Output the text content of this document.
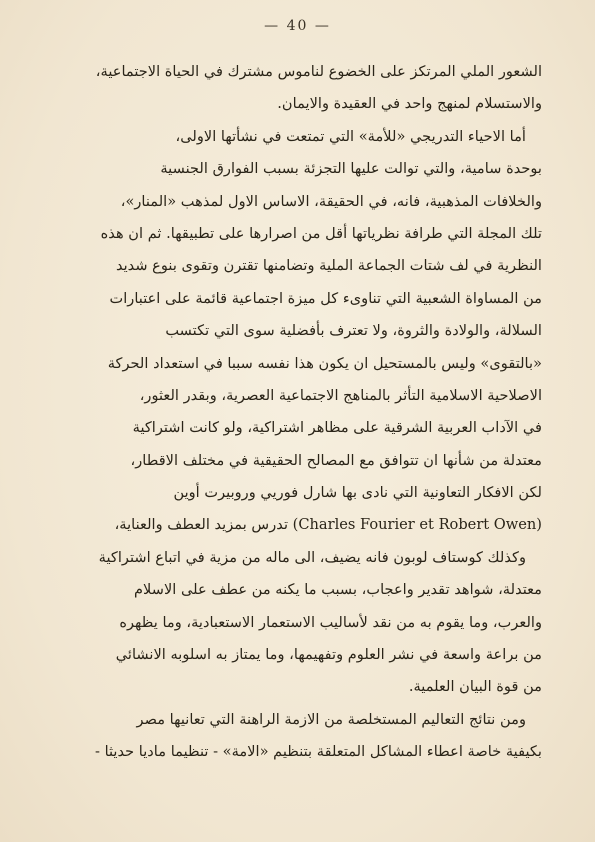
— 40 —
الشعور الملي المرتكز على الخضوع لناموس مشترك في الحياة الاجتماعية،
والاستسلام لمنهج واحد في العقيدة والايمان.
أما الاحياء التدريجي «للأمة» التي تمتعت في نشأتها الاولى،
بوحدة سامية، والتي توالت عليها التجزئة بسبب الفوارق الجنسية
والخلافات المذهبية، فانه، في الحقيقة، الاساس الاول لمذهب «المنار»،
تلك المجلة التي طرافة نظرياتها أقل من اصرارها على تطبيقها. ثم ان هذه
النظرية في لف شتات الجماعة الملية وتضامنها تقترن وتقوى بنوع شديد
من المساواة الشعبية التي تناوىء كل ميزة اجتماعية قائمة على اعتبارات
السلالة، والولادة والثروة، ولا تعترف بأفضلية سوى التي تكتسب
«بالتقوى» وليس بالمستحيل ان يكون هذا نفسه سببا في استعداد الحركة
الاصلاحية الاسلامية التأثر بالمناهج الاجتماعية العصرية، وبقدر العثور،
في الآداب العربية الشرقية على مظاهر اشتراكية، ولو كانت اشتراكية
معتدلة من شأنها ان تتوافق مع المصالح الحقيقية في مختلف الاقطار،
لكن الافكار التعاونية التي نادى بها شارل فوريي وروبيرت أوين
(Charles Fourier et Robert Owen) تدرس بمزيد العطف والعناية،
وكذلك كوستاف لوبون فانه يضيف، الى ماله من مزية في اتباع اشتراكية
معتدلة، شواهد تقدير واعجاب، بسبب ما يكنه من عطف على الاسلام
والعرب، وما يقوم به من نقد لأساليب الاستعمار الاستعبادية، وما يظهره
من براعة واسعة في نشر العلوم وتفهيمها، وما يمتاز به اسلوبه الانشائي
من قوة البيان العلمية.
ومن نتائج التعاليم المستخلصة من الازمة الراهنة التي تعانيها مصر
بكيفية خاصة اعطاء المشاكل المتعلقة بتنظيم «الامة» - تنظيما ماديا حديثا -
